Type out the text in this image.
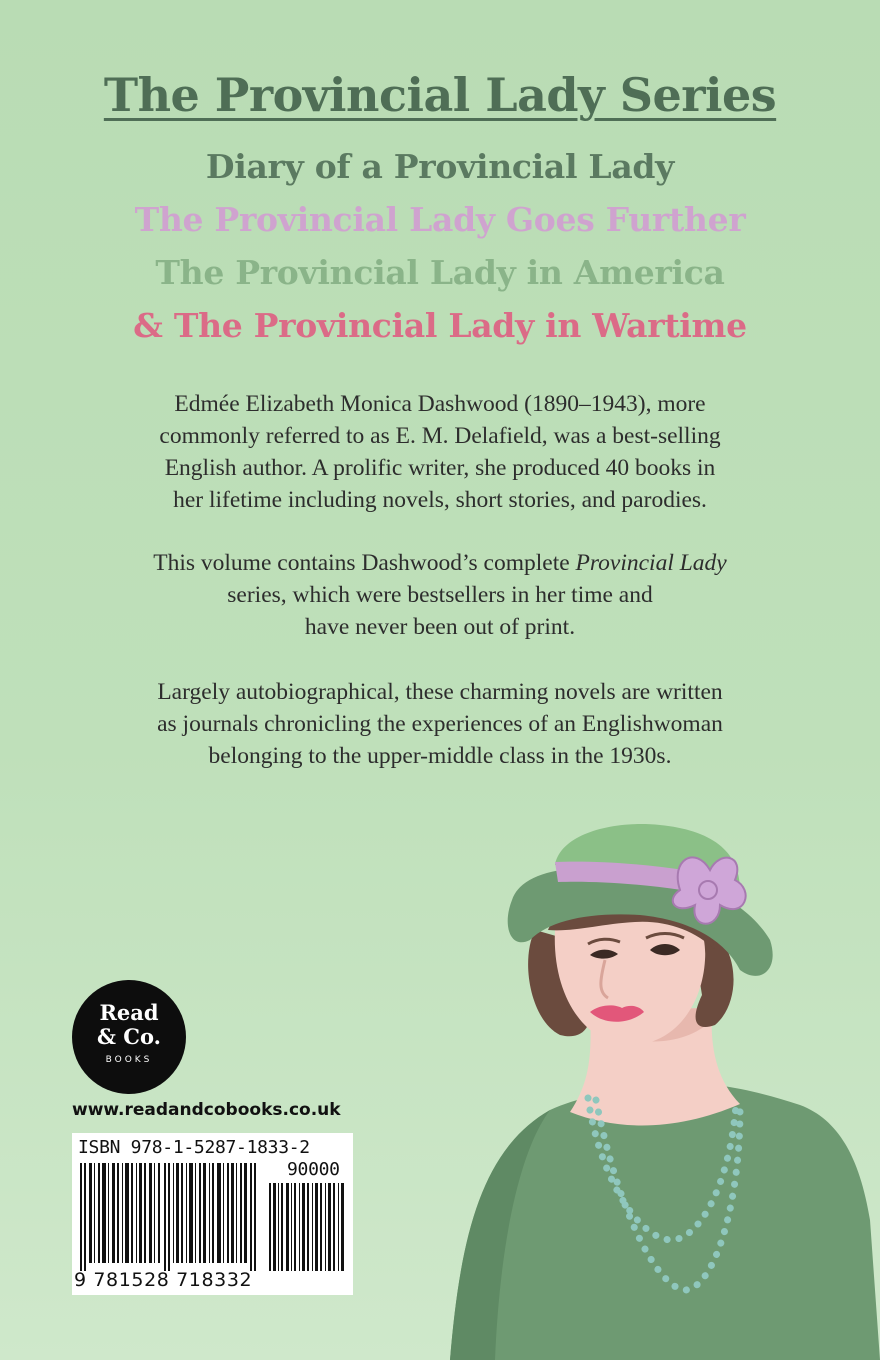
The Provincial Lady Series
Diary of a Provincial Lady
The Provincial Lady Goes Further
The Provincial Lady in America
& The Provincial Lady in Wartime
Edmée Elizabeth Monica Dashwood (1890–1943), more
commonly referred to as E. M. Delafield, was a best-selling
English author. A prolific writer, she produced 40 books in
her lifetime including novels, short stories, and parodies.
This volume contains Dashwood’s complete Provincial Lady
series, which were bestsellers in her time and
have never been out of print.
Largely autobiographical, these charming novels are written
as journals chronicling the experiences of an Englishwoman
belonging to the upper-middle class in the 1930s.
Read
& Co.
BOOKS
www.readandcobooks.co.uk
ISBN 978-1-5287-1833-2
90000
9 781528 718332
